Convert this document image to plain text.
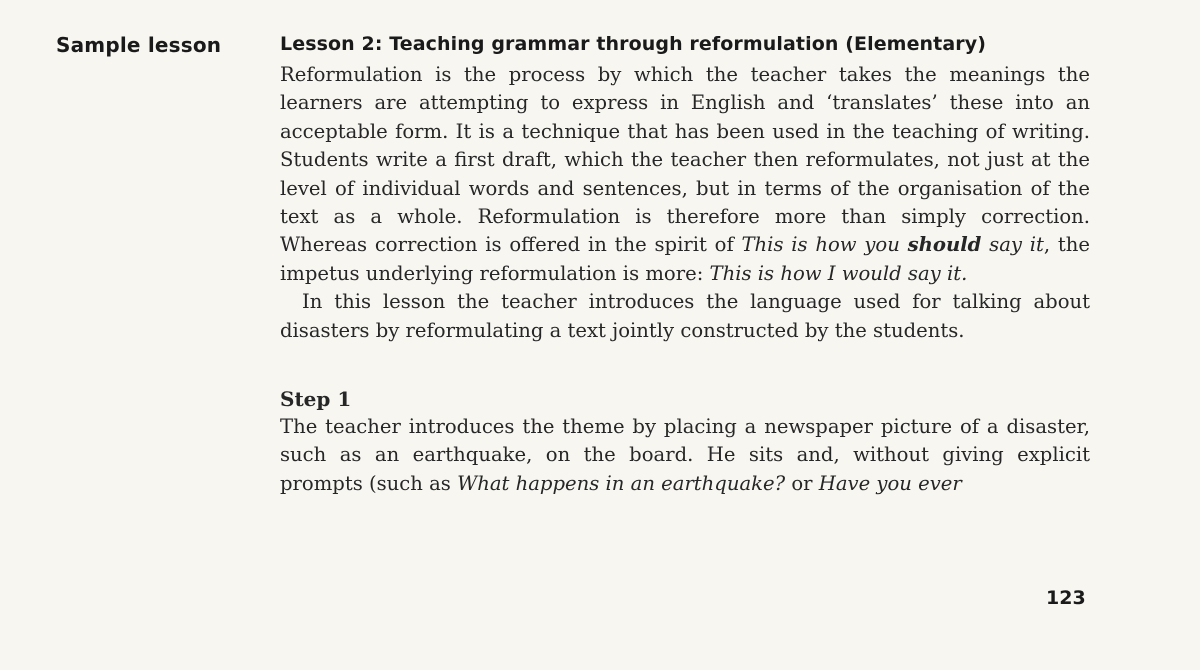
Sample lesson	Lesson 2: Teaching grammar through reformulation (Elementary)

Reformulation is the process by which the teacher takes the meanings the learners are attempting to express in English and ‘translates’ these into an acceptable form. It is a technique that has been used in the teaching of writing. Students write a first draft, which the teacher then reformulates, not just at the level of individual words and sentences, but in terms of the organisation of the text as a whole. Reformulation is therefore more than simply correction. Whereas correction is offered in the spirit of This is how you should say it, the impetus underlying reformulation is more: This is how I would say it.

In this lesson the teacher introduces the language used for talking about disasters by reformulating a text jointly constructed by the students.

Step 1

The teacher introduces the theme by placing a newspaper picture of a disaster, such as an earthquake, on the board. He sits and, without giving explicit prompts (such as What happens in an earthquake? or Have you ever

123
